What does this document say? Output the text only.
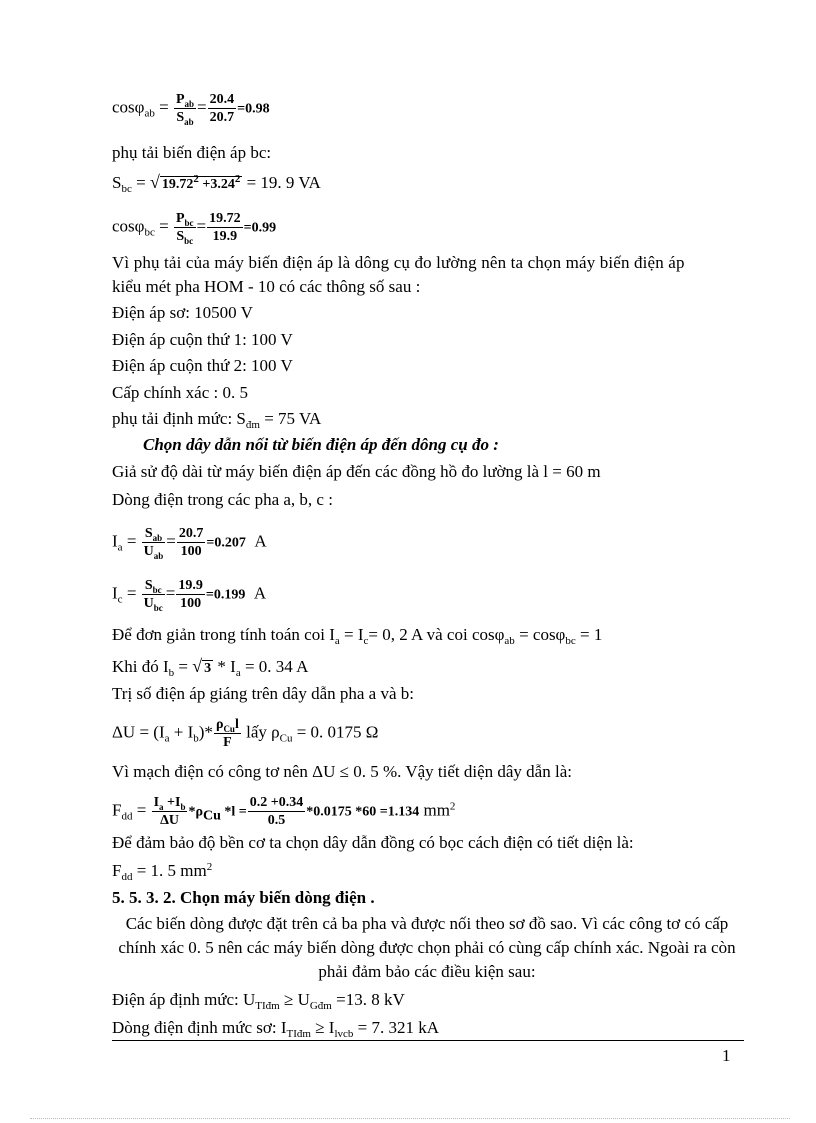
$\cos\varphi_{ab} = \frac{P_{ab}}{S_{ab}} = \frac{20.4}{20.7} =0.98$
phụ tải biến điện áp bc:
$S_{bc}$ = √ $19.72^2 +3.24^2 = 19$. 9 VA
$\cos\varphi_{bc} = \frac{P_{bc}}{S_{bc}} = \frac{19.72}{19.9} =0.99$
Vì phụ tải của máy biến điện áp là dông cụ đo lường nên ta chọn máy biến điện áp
kiểu mét pha HOM - 10 có các thông số sau :
Điện áp sơ: 10500 V
Điện áp cuộn thứ 1: 100 V
Điện áp cuộn thứ 2: 100 V
Cấp chính xác : 0. 5
phụ tải định mức: $S_{đm} = 75$ VA
Chọn dây dẫn nối từ biến điện áp đến dông cụ đo :
Giả sử độ dài từ máy biến điện áp đến các đồng hồ đo lường là l = 60 m
Dòng điện trong các pha a, b, c :
$I_a = \frac{S_{ab}}{U_{ab}} = \frac{20.7}{100} =0.207$ A
$I_c = \frac{S_{bc}}{U_{bc}} = \frac{19.9}{100} =0.199$ A
Để đơn giản trong tính toán coi $I_a = I_c= 0$, 2 A và coi cosφ$_{ab}$ = cosφ$_{bc}$ = 1
Khi đó $I_b$ = √ $3 * I_a = 0$. 34 A
Trị số điện áp giáng trên dây dẫn pha a và b:
$\Delta U = (I_a + I_b)* \frac{\rho_{Cu}l}{F}$ lấy $\rho_{Cu} = 0$. 0175 Ω
Vì mạch điện có công tơ nên ΔU ≤ 0. 5 %. Vậy tiết diện dây dẫn là:
$F_{dd} = \frac{I_a +I_b}{\Delta U} *\rho_{Cu}$ $*l = \frac{0.2 +0.34}{0.5} *0.0175$ *60 =1.134 $mm^2$
Để đảm bảo độ bền cơ ta chọn dây dẫn đồng có bọc cách điện có tiết diện là:
$F_{dd} = 1$. 5 $mm^2$
5. 5. 3. 2. Chọn máy biến dòng điện .
Các biến dòng được đặt trên cả ba pha và được nối theo sơ đồ sao. Vì các công tơ có cấp chính xác 0. 5 nên các máy biến dòng được chọn phải có cùng cấp chính xác. Ngoài ra còn phải đảm bảo các điều kiện sau:
Điện áp định mức: $U_{TIđm} \ge U_{Gđm} =13$. 8 kV
Dòng điện định mức sơ: $I_{TIđm} \ge I_{lvcb} = 7$. 321 kA
1
